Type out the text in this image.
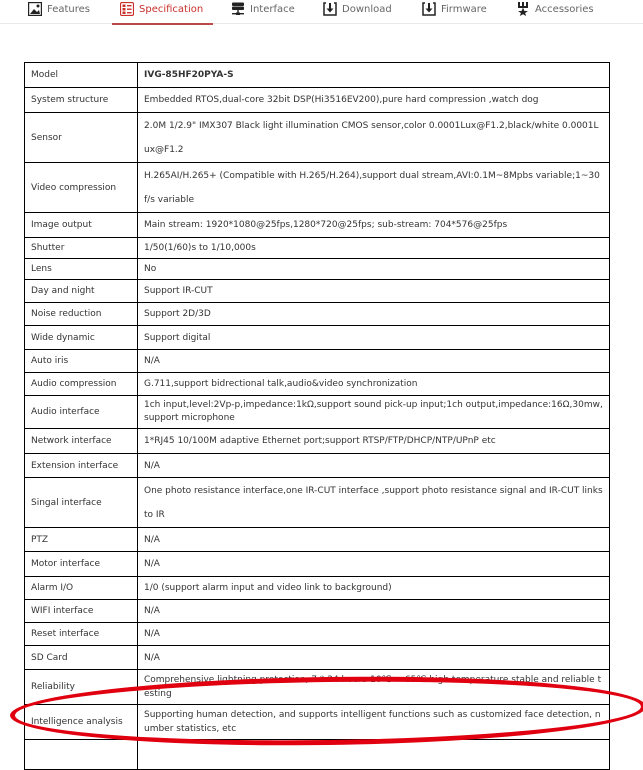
Features	Specification	Interface	Download	Firmware	Accessories
Model	IVG-85HF20PYA-S
System structure	Embedded RTOS,dual-core 32bit DSP(Hi3516EV200),pure hard compression ,watch dog
Sensor	2.0M 1/2.9" IMX307 Black light illumination CMOS sensor,color 0.0001Lux@F1.2,black/white 0.0001Lux@F1.2
Video compression	H.265AI/H.265+ (Compatible with H.265/H.264),support dual stream,AVI:0.1M~8Mpbs variable;1~30f/s variable
Image output	Main stream: 1920*1080@25fps,1280*720@25fps; sub-stream: 704*576@25fps
Shutter	1/50(1/60)s to 1/10,000s
Lens	No
Day and night	Support IR-CUT
Noise reduction	Support 2D/3D
Wide dynamic	Support digital
Auto iris	N/A
Audio compression	G.711,support bidrectional talk,audio&video synchronization
Audio interface	1ch input,level:2Vp-p,impedance:1kΩ,support sound pick-up input;1ch output,impedance:16Ω,30mw,support microphone
Network interface	1*RJ45 10/100M adaptive Ethernet port;support RTSP/FTP/DHCP/NTP/UPnP etc
Extension interface	N/A
Singal interface	One photo resistance interface,one IR-CUT interface ,support photo resistance signal and IR-CUT links to IR
PTZ	N/A
Motor interface	N/A
Alarm I/O	1/0 (support alarm input and video link to background)
WIFI interface	N/A
Reset interface	N/A
SD Card	N/A
Reliability	Comprehensive lightning protection, 7 * 24 hours-10℃ ~ 65℃ high temperature stable and reliable testing
Intelligence analysis	Supporting human detection, and supports intelligent functions such as customized face detection, number statistics, etc
